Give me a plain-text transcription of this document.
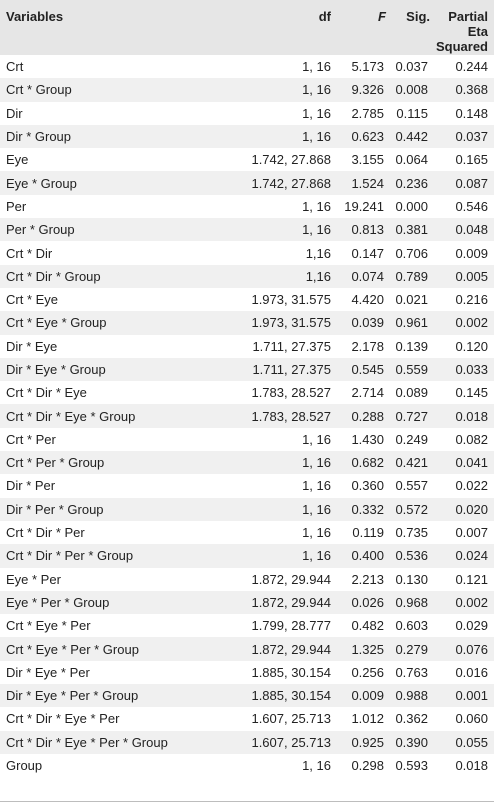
Variables	df	F	Sig.	Partial Eta
Squared
Crt	1, 16	5.173	0.037	0.244
Crt * Group	1, 16	9.326	0.008	0.368
Dir	1, 16	2.785	0.115	0.148
Dir * Group	1, 16	0.623	0.442	0.037
Eye	1.742, 27.868	3.155	0.064	0.165
Eye * Group	1.742, 27.868	1.524	0.236	0.087
Per	1, 16	19.241	0.000	0.546
Per * Group	1, 16	0.813	0.381	0.048
Crt * Dir	1,16	0.147	0.706	0.009
Crt * Dir * Group	1,16	0.074	0.789	0.005
Crt * Eye	1.973, 31.575	4.420	0.021	0.216
Crt * Eye * Group	1.973, 31.575	0.039	0.961	0.002
Dir * Eye	1.711, 27.375	2.178	0.139	0.120
Dir * Eye * Group	1.711, 27.375	0.545	0.559	0.033
Crt * Dir * Eye	1.783, 28.527	2.714	0.089	0.145
Crt * Dir * Eye * Group	1.783, 28.527	0.288	0.727	0.018
Crt * Per	1, 16	1.430	0.249	0.082
Crt * Per * Group	1, 16	0.682	0.421	0.041
Dir * Per	1, 16	0.360	0.557	0.022
Dir * Per * Group	1, 16	0.332	0.572	0.020
Crt * Dir * Per	1, 16	0.119	0.735	0.007
Crt * Dir * Per * Group	1, 16	0.400	0.536	0.024
Eye * Per	1.872, 29.944	2.213	0.130	0.121
Eye * Per * Group	1.872, 29.944	0.026	0.968	0.002
Crt * Eye * Per	1.799, 28.777	0.482	0.603	0.029
Crt * Eye * Per * Group	1.872, 29.944	1.325	0.279	0.076
Dir * Eye * Per	1.885, 30.154	0.256	0.763	0.016
Dir * Eye * Per * Group	1.885, 30.154	0.009	0.988	0.001
Crt * Dir * Eye * Per	1.607, 25.713	1.012	0.362	0.060
Crt * Dir * Eye * Per * Group	1.607, 25.713	0.925	0.390	0.055
Group	1, 16	0.298	0.593	0.018
